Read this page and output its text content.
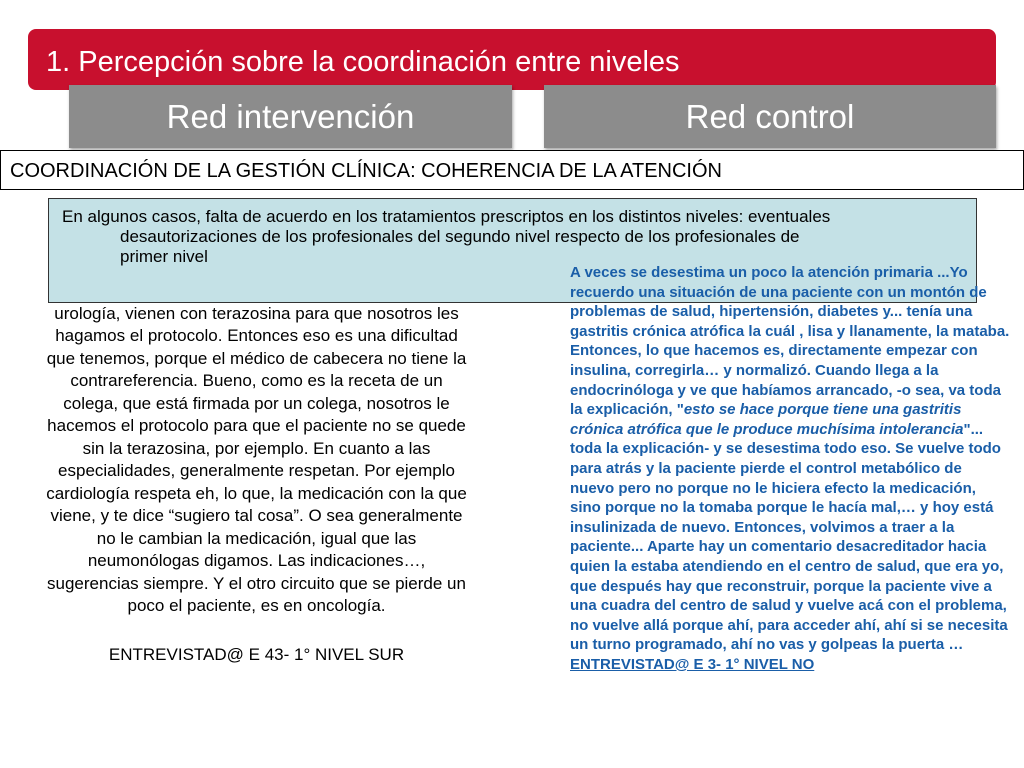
1. Percepción sobre la coordinación entre niveles
Red intervención	Red control
COORDINACIÓN DE LA GESTIÓN CLÍNICA: COHERENCIA DE LA ATENCIÓN

urología, vienen con terazosina para que nosotros les

hagamos el protocolo. Entonces eso es una dificultad

que tenemos, porque el médico de cabecera no tiene la

contrareferencia. Bueno, como es la receta de un

colega, que está firmada por un colega, nosotros le

hacemos el protocolo para que el paciente no se quede

sin la terazosina, por ejemplo. En cuanto a las

especialidades, generalmente respetan. Por ejemplo

cardiología respeta eh, lo que, la medicación con la que

viene, y te dice “sugiero tal cosa”. O sea generalmente

no le cambian la medicación, igual que las

neumonólogas digamos. Las indicaciones…,

sugerencias siempre. Y el otro circuito que se pierde un

poco el paciente, es en oncología.

ENTREVISTAD@ E 43- 1° NIVEL SUR
En algunos casos, falta de acuerdo en los tratamientos prescriptos en los distintos niveles: eventuales
desautorizaciones de los profesionales del segundo nivel respecto de los profesionales de
primer nivel
A veces se desestima un poco la atención primaria ...Yo recuerdo una situación de una paciente con un montón de problemas de salud, hipertensión, diabetes y... tenía una gastritis crónica atrófica la cuál , lisa y llanamente, la mataba. Entonces, lo que hacemos es, directamente empezar con insulina, corregirla… y normalizó. Cuando llega a la endocrinóloga y ve que habíamos arrancado, -o sea, va toda la explicación, "esto se hace porque tiene una gastritis crónica atrófica que le produce muchísima intolerancia"... toda la explicación- y se desestima todo eso. Se vuelve todo para atrás y la paciente pierde el control metabólico de nuevo pero no porque no le hiciera efecto la medicación, sino porque no la tomaba porque le hacía mal,… y hoy está insulinizada de nuevo. Entonces, volvimos a traer a la paciente... Aparte hay un comentario desacreditador hacia quien la estaba atendiendo en el centro de salud, que era yo, que después hay que reconstruir, porque la paciente vive a una cuadra del centro de salud y vuelve acá con el problema, no vuelve allá porque ahí, para acceder ahí, ahí si se necesita un turno programado, ahí no vas y golpeas la puerta … ENTREVISTAD@ E 3- 1° NIVEL NO
